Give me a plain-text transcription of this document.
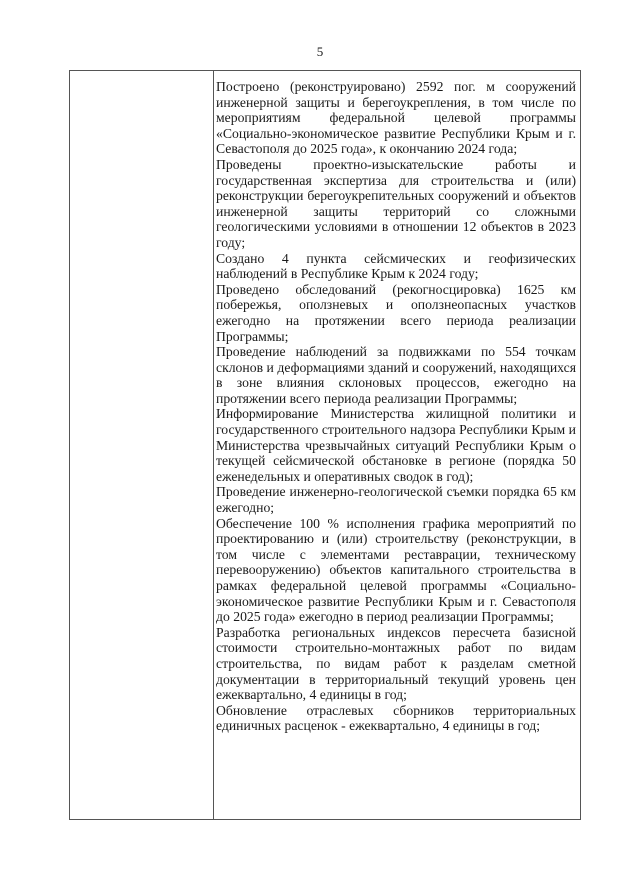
5

Построено (реконструировано) 2592 пог. м сооружений инженерной защиты и берегоукрепления, в том числе по мероприятиям федеральной целевой программы «Социально-экономическое развитие Республики Крым и г. Севастополя до 2025 года», к окончанию 2024 года;

Проведены проектно-изыскательские работы и государственная экспертиза для строительства и (или) реконструкции берегоукрепительных сооружений и объектов инженерной защиты территорий со сложными геологическими условиями в отношении 12 объектов в 2023 году;

Создано 4 пункта сейсмических и геофизических наблюдений в Республике Крым к 2024 году;

Проведено обследований (рекогносцировка) 1625 км побережья, оползневых и оползнеопасных участков ежегодно на протяжении всего периода реализации Программы;

Проведение наблюдений за подвижками по 554 точкам склонов и деформациями зданий и сооружений, находящихся в зоне влияния склоновых процессов, ежегодно на протяжении всего периода реализации Программы;

Информирование Министерства жилищной политики и государственного строительного надзора Республики Крым и Министерства чрезвычайных ситуаций Республики Крым о текущей сейсмической обстановке в регионе (порядка 50 еженедельных и оперативных сводок в год);

Проведение инженерно-геологической съемки порядка 65 км ежегодно;

Обеспечение 100 % исполнения графика мероприятий по проектированию и (или) строительству (реконструкции, в том числе с элементами реставрации, техническому перевооружению) объектов капитального строительства в рамках федеральной целевой программы «Социально-экономическое развитие Республики Крым и г. Севастополя до 2025 года» ежегодно в период реализации Программы;

Разработка региональных индексов пересчета базисной стоимости строительно-монтажных работ по видам строительства, по видам работ к разделам сметной документации в территориальный текущий уровень цен ежеквартально, 4 единицы в год;

Обновление отраслевых сборников территориальных единичных расценок - ежеквартально, 4 единицы в год;
